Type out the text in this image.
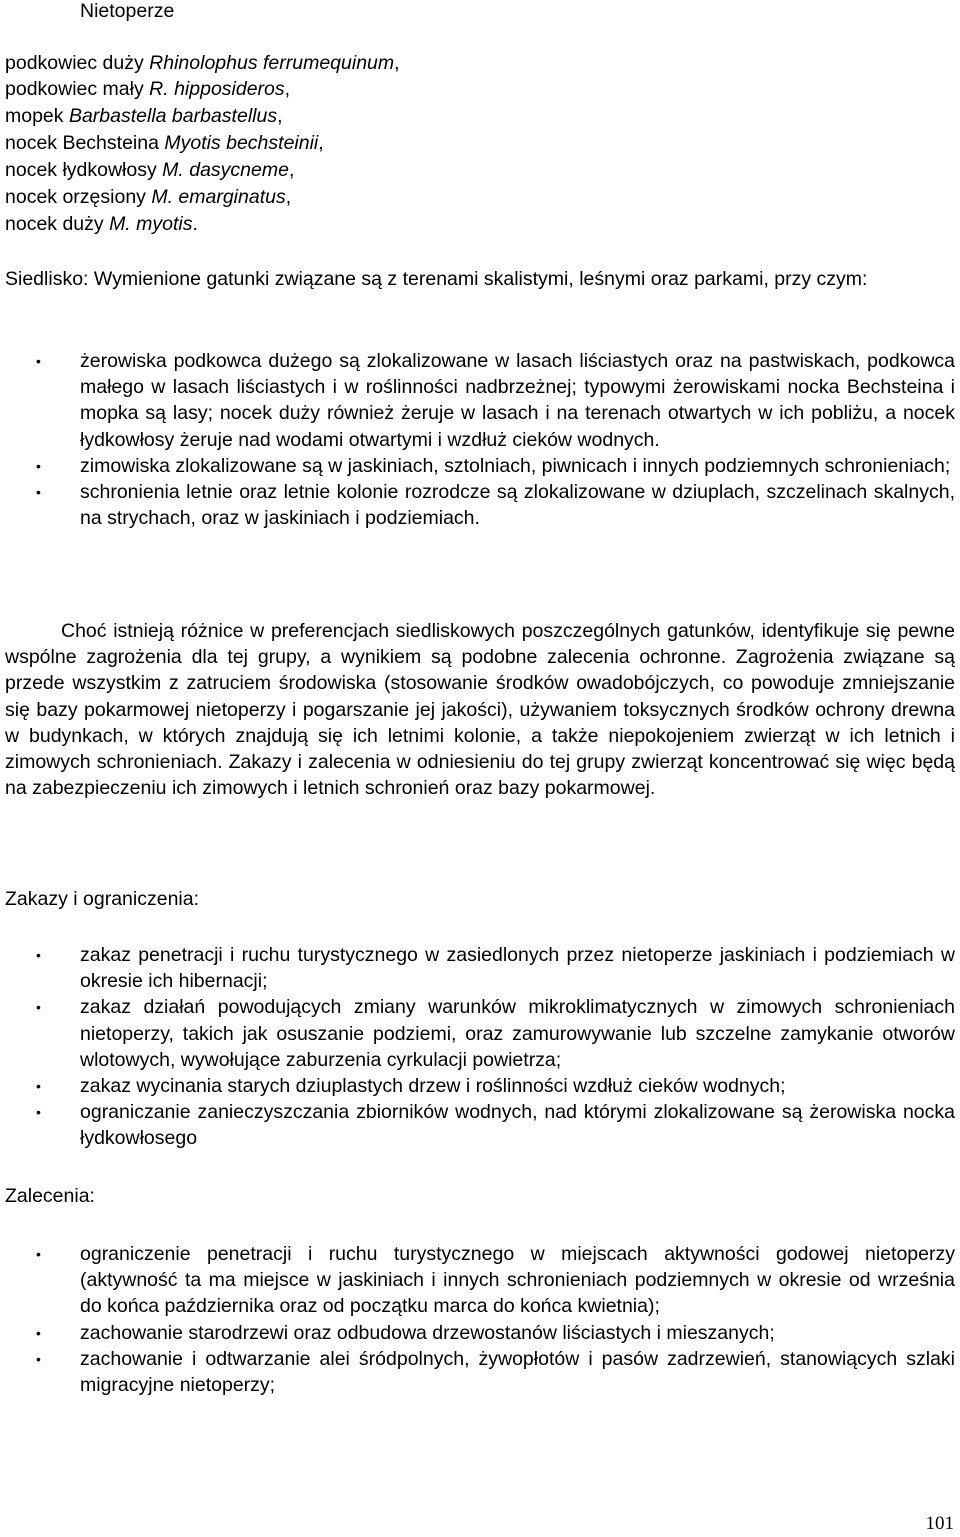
Nietoperze
podkowiec duży Rhinolophus ferrumequinum,
podkowiec mały R. hipposideros,
mopek Barbastella barbastellus,
nocek Bechsteina Myotis bechsteinii,
nocek łydkowłosy M. dasycneme,
nocek orzęsiony M. emarginatus,
nocek duży M. myotis.
Siedlisko: Wymienione gatunki związane są z terenami skalistymi, leśnymi oraz parkami, przy czym:
• żerowiska podkowca dużego są zlokalizowane w lasach liściastych oraz na pastwiskach, podkowca małego w lasach liściastych i w roślinności nadbrzeżnej; typowymi żerowiskami nocka Bechsteina i mopka są lasy; nocek duży również żeruje w lasach i na terenach otwartych w ich pobliżu, a nocek łydkowłosy żeruje nad wodami otwartymi i wzdłuż cieków wodnych.
• zimowiska zlokalizowane są w jaskiniach, sztolniach, piwnicach i innych podziemnych schronieniach;
• schronienia letnie oraz letnie kolonie rozrodcze są zlokalizowane w dziuplach, szczelinach skalnych, na strychach, oraz w jaskiniach i podziemiach.
Choć istnieją różnice w preferencjach siedliskowych poszczególnych gatunków, identyfikuje się pewne wspólne zagrożenia dla tej grupy, a wynikiem są podobne zalecenia ochronne. Zagrożenia związane są przede wszystkim z zatruciem środowiska (stosowanie środków owadobójczych, co powoduje zmniejszanie się bazy pokarmowej nietoperzy i pogarszanie jej jakości), używaniem toksycznych środków ochrony drewna w budynkach, w których znajdują się ich letnimi kolonie, a także niepokojeniem zwierząt w ich letnich i zimowych schronieniach. Zakazy i zalecenia w odniesieniu do tej grupy zwierząt koncentrować się więc będą na zabezpieczeniu ich zimowych i letnich schronień oraz bazy pokarmowej.
Zakazy i ograniczenia:
• zakaz penetracji i ruchu turystycznego w zasiedlonych przez nietoperze jaskiniach i podziemiach w okresie ich hibernacji;
• zakaz działań powodujących zmiany warunków mikroklimatycznych w zimowych schronieniach nietoperzy, takich jak osuszanie podziemi, oraz zamurowywanie lub szczelne zamykanie otworów wlotowych, wywołujące zaburzenia cyrkulacji powietrza;
• zakaz wycinania starych dziuplastych drzew i roślinności wzdłuż cieków wodnych;
• ograniczanie zanieczyszczania zbiorników wodnych, nad którymi zlokalizowane są żerowiska nocka łydkowłosego
Zalecenia:
• ograniczenie penetracji i ruchu turystycznego w miejscach aktywności godowej nietoperzy (aktywność ta ma miejsce w jaskiniach i innych schronieniach podziemnych w okresie od września do końca października oraz od początku marca do końca kwietnia);
• zachowanie starodrzewi oraz odbudowa drzewostanów liściastych i mieszanych;
• zachowanie i odtwarzanie alei śródpolnych, żywopłotów i pasów zadrzewień, stanowiących szlaki migracyjne nietoperzy;
101
